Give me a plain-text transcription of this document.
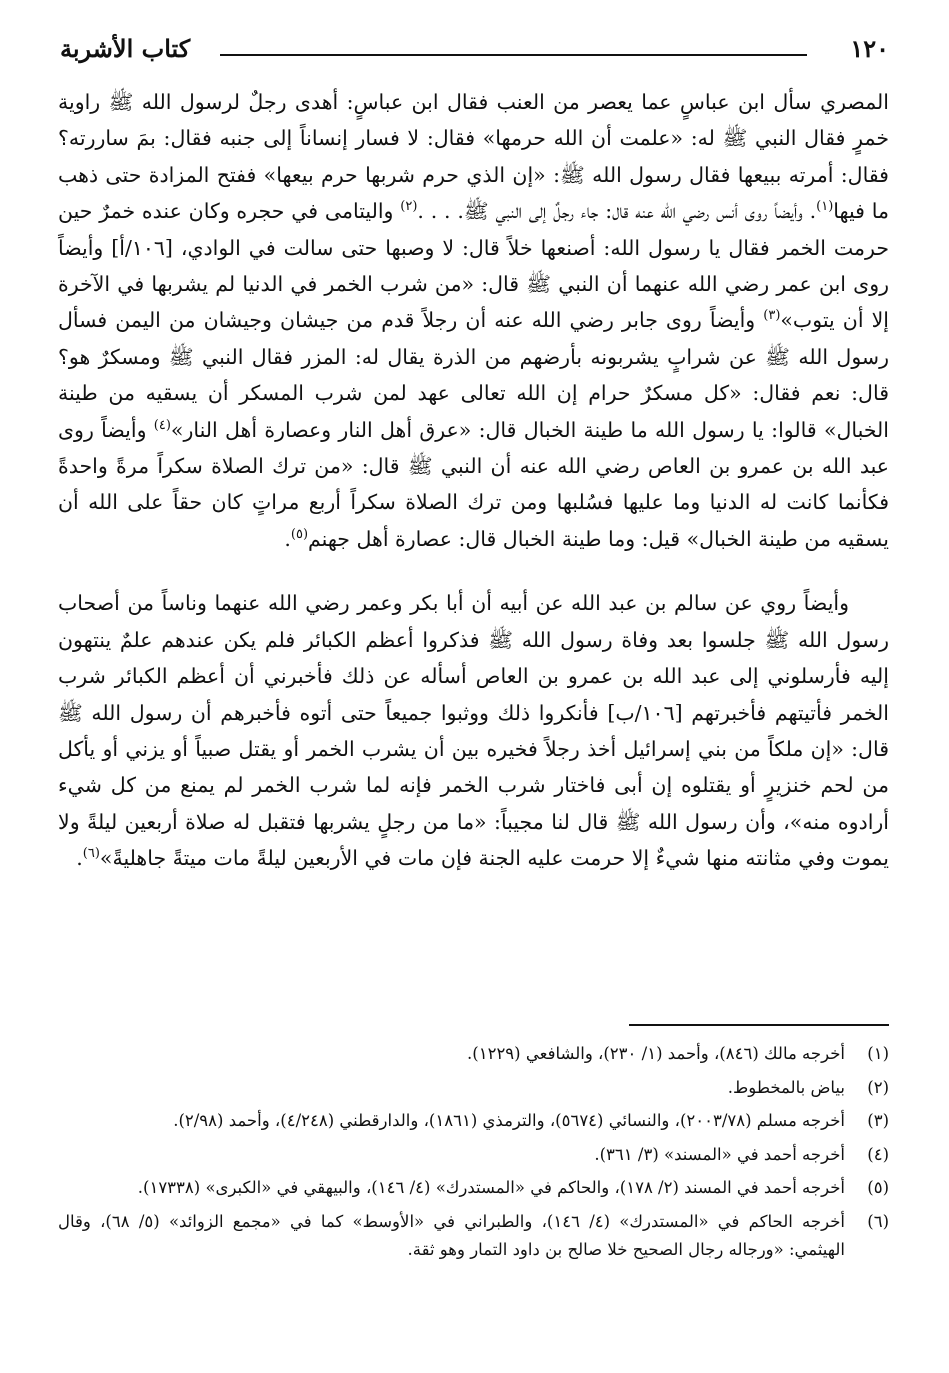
١٢٠
كتاب الأشربة

المصري سأل ابن عباسٍ عما يعصر من العنب فقال ابن عباسٍ: أهدى رجلٌ لرسول الله ﷺ راوية خمرٍ فقال النبي ﷺ له: «علمت أن الله حرمها» فقال: لا فسار إنساناً إلى جنبه فقال: بمَ ساررته؟ فقال: أمرته ببيعها فقال رسول الله ﷺ: «إن الذي حرم شربها حرم بيعها» ففتح المزادة حتى ذهب ما فيها$^{(١)}$. وأيضاً روى أنس رضي الله عنه قال: جاء رجلٌ إلى النبي ﷺ. . . .$^{(٢)}$ واليتامى في حجره وكان عنده خمرٌ حين حرمت الخمر فقال يا رسول الله: أصنعها خلاً قال: لا وصبها حتى سالت في الوادي، [١٠٦/أ] وأيضاً روى ابن عمر رضي الله عنهما أن النبي ﷺ قال: «من شرب الخمر في الدنيا لم يشربها في الآخرة إلا أن يتوب»$^{(٣)}$ وأيضاً روى جابر رضي الله عنه أن رجلاً قدم من جيشان وجيشان من اليمن فسأل رسول الله ﷺ عن شرابٍ يشربونه بأرضهم من الذرة يقال له: المزر فقال النبي ﷺ ومسكرٌ هو؟ قال: نعم فقال: «كل مسكرٌ حرام إن الله تعالى عهد لمن شرب المسكر أن يسقيه من طينة الخبال» قالوا: يا رسول الله ما طينة الخبال قال: «عرق أهل النار وعصارة أهل النار»$^{(٤)}$ وأيضاً روى عبد الله بن عمرو بن العاص رضي الله عنه أن النبي ﷺ قال: «من ترك الصلاة سكراً مرةً واحدةً فكأنما كانت له الدنيا وما عليها فسُلبها ومن ترك الصلاة سكراً أربع مراتٍ كان حقاً على الله أن يسقيه من طينة الخبال» قيل: وما طينة الخبال قال: عصارة أهل جهنم$^{(٥)}$.

وأيضاً روي عن سالم بن عبد الله عن أبيه أن أبا بكر وعمر رضي الله عنهما وناساً من أصحاب رسول الله ﷺ جلسوا بعد وفاة رسول الله ﷺ فذكروا أعظم الكبائر فلم يكن عندهم علمٌ ينتهون إليه فأرسلوني إلى عبد الله بن عمرو بن العاص أسأله عن ذلك فأخبرني أن أعظم الكبائر شرب الخمر فأتيتهم فأخبرتهم [١٠٦/ب] فأنكروا ذلك ووثبوا جميعاً حتى أتوه فأخبرهم أن رسول الله ﷺ قال: «إن ملكاً من بني إسرائيل أخذ رجلاً فخيره بين أن يشرب الخمر أو يقتل صبياً أو يزني أو يأكل من لحم خنزيرٍ أو يقتلوه إن أبى فاختار شرب الخمر فإنه لما شرب الخمر لم يمنع من كل شيء أرادوه منه»، وأن رسول الله ﷺ قال لنا مجيباً: «ما من رجلٍ يشربها فتقبل له صلاة أربعين ليلةً ولا يموت وفي مثانته منها شيءٌ إلا حرمت عليه الجنة فإن مات في الأربعين ليلةً مات ميتةً جاهليةً»$^{(٦)}$.

(١)
أخرجه مالك (٨٤٦)، وأحمد (١/ ٢٣٠)، والشافعي (١٢٢٩).
(٢)
بياض بالمخطوط.
(٣)
أخرجه مسلم (٢٠٠٣/٧٨)، والنسائي (٥٦٧٤)، والترمذي (١٨٦١)، والدارقطني (٤/٢٤٨)، وأحمد (٢/٩٨).
(٤)
أخرجه أحمد في «المسند» (٣/ ٣٦١).
(٥)
أخرجه أحمد في المسند (٢/ ١٧٨)، والحاكم في «المستدرك» (٤/ ١٤٦)، والبيهقي في «الكبرى» (١٧٣٣٨).
(٦)
أخرجه الحاكم في «المستدرك» (٤/ ١٤٦)، والطبراني في «الأوسط» كما في «مجمع الزوائد» (٥/ ٦٨)، وقال الهيثمي: «ورجاله رجال الصحيح خلا صالح بن داود التمار وهو ثقة.
